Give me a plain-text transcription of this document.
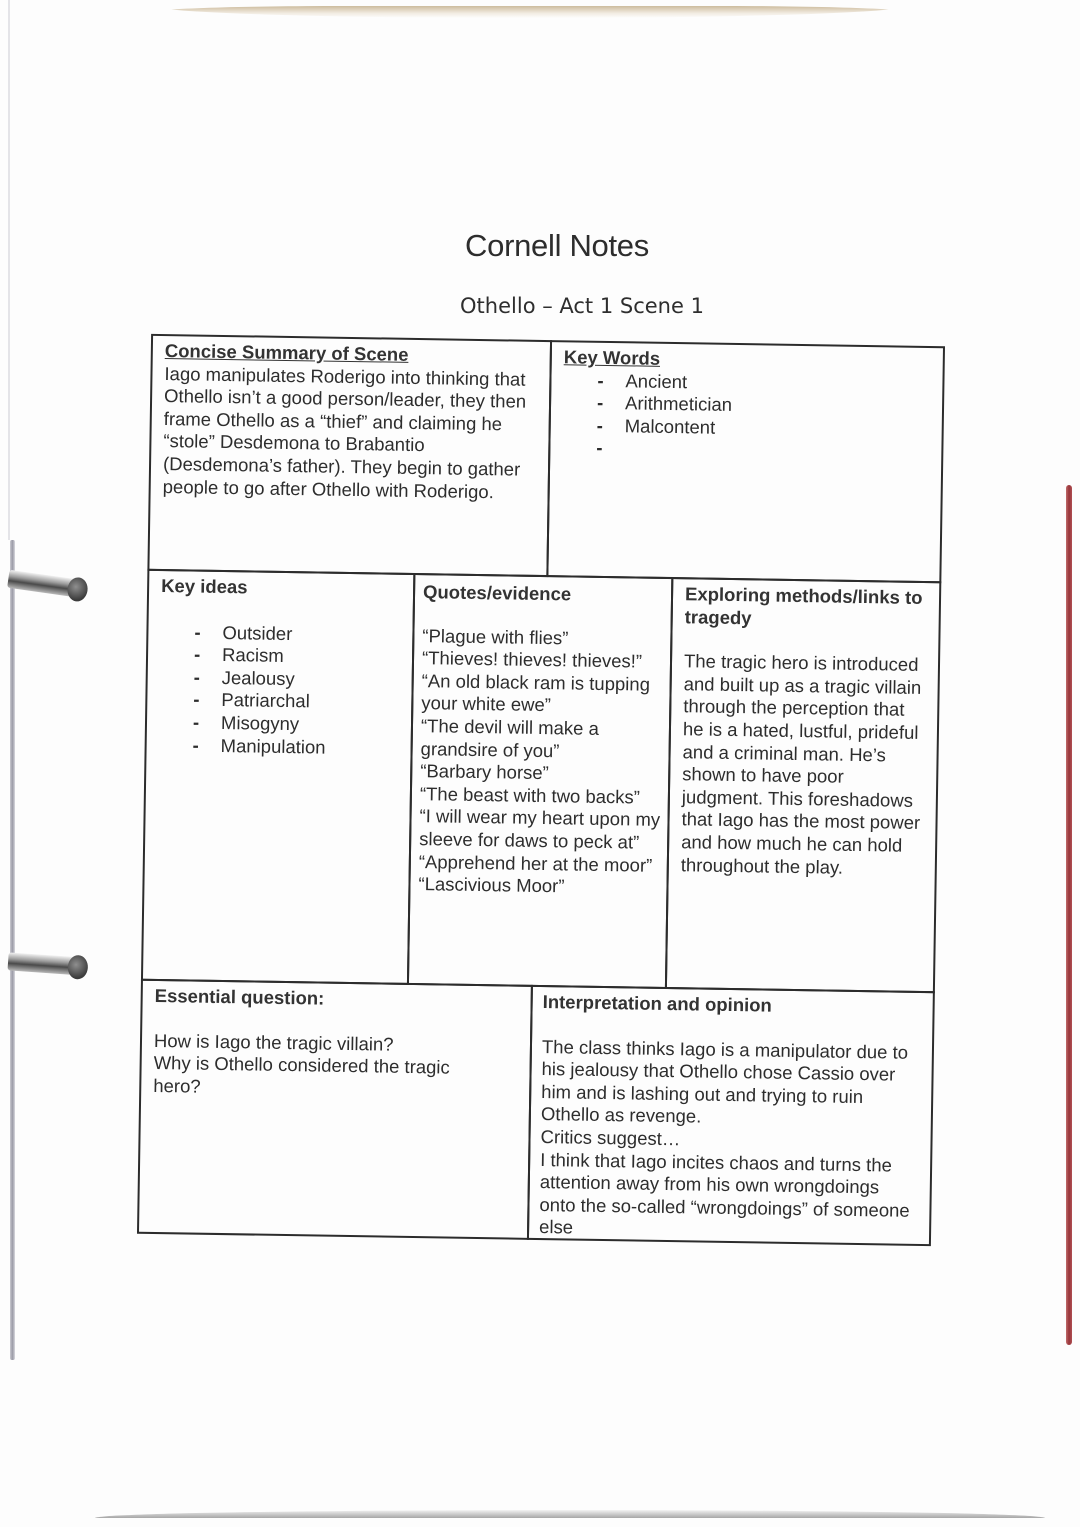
Cornell Notes
Othello – Act 1 Scene 1
Concise Summary of Scene
Iago manipulates Roderigo into thinking that Othello isn’t a good person/leader, they then frame Othello as a “thief” and claiming he “stole” Desdemona to Brabantio (Desdemona’s father). They begin to gather people to go after Othello with Roderigo.
Key Words
- Ancient
- Arithmetician
- Malcontent
-
Key ideas
- Outsider
- Racism
- Jealousy
- Patriarchal
- Misogyny
- Manipulation
Quotes/evidence
“Plague with flies”
“Thieves! thieves! thieves!”
“An old black ram is tupping your white ewe”
“The devil will make a grandsire of you”
“Barbary horse”
“The beast with two backs”
“I will wear my heart upon my sleeve for daws to peck at”
“Apprehend her at the moor”
“Lascivious Moor”
Exploring methods/links to tragedy
The tragic hero is introduced and built up as a tragic villain through the perception that he is a hated, lustful, prideful and a criminal man. He’s shown to have poor judgment. This foreshadows that Iago has the most power and how much he can hold throughout the play.
Essential question:
How is Iago the tragic villain?
Why is Othello considered the tragic hero?
Interpretation and opinion
The class thinks Iago is a manipulator due to his jealousy that Othello chose Cassio over him and is lashing out and trying to ruin Othello as revenge.
Critics suggest…
I think that Iago incites chaos and turns the attention away from his own wrongdoings onto the so-called “wrongdoings” of someone else
